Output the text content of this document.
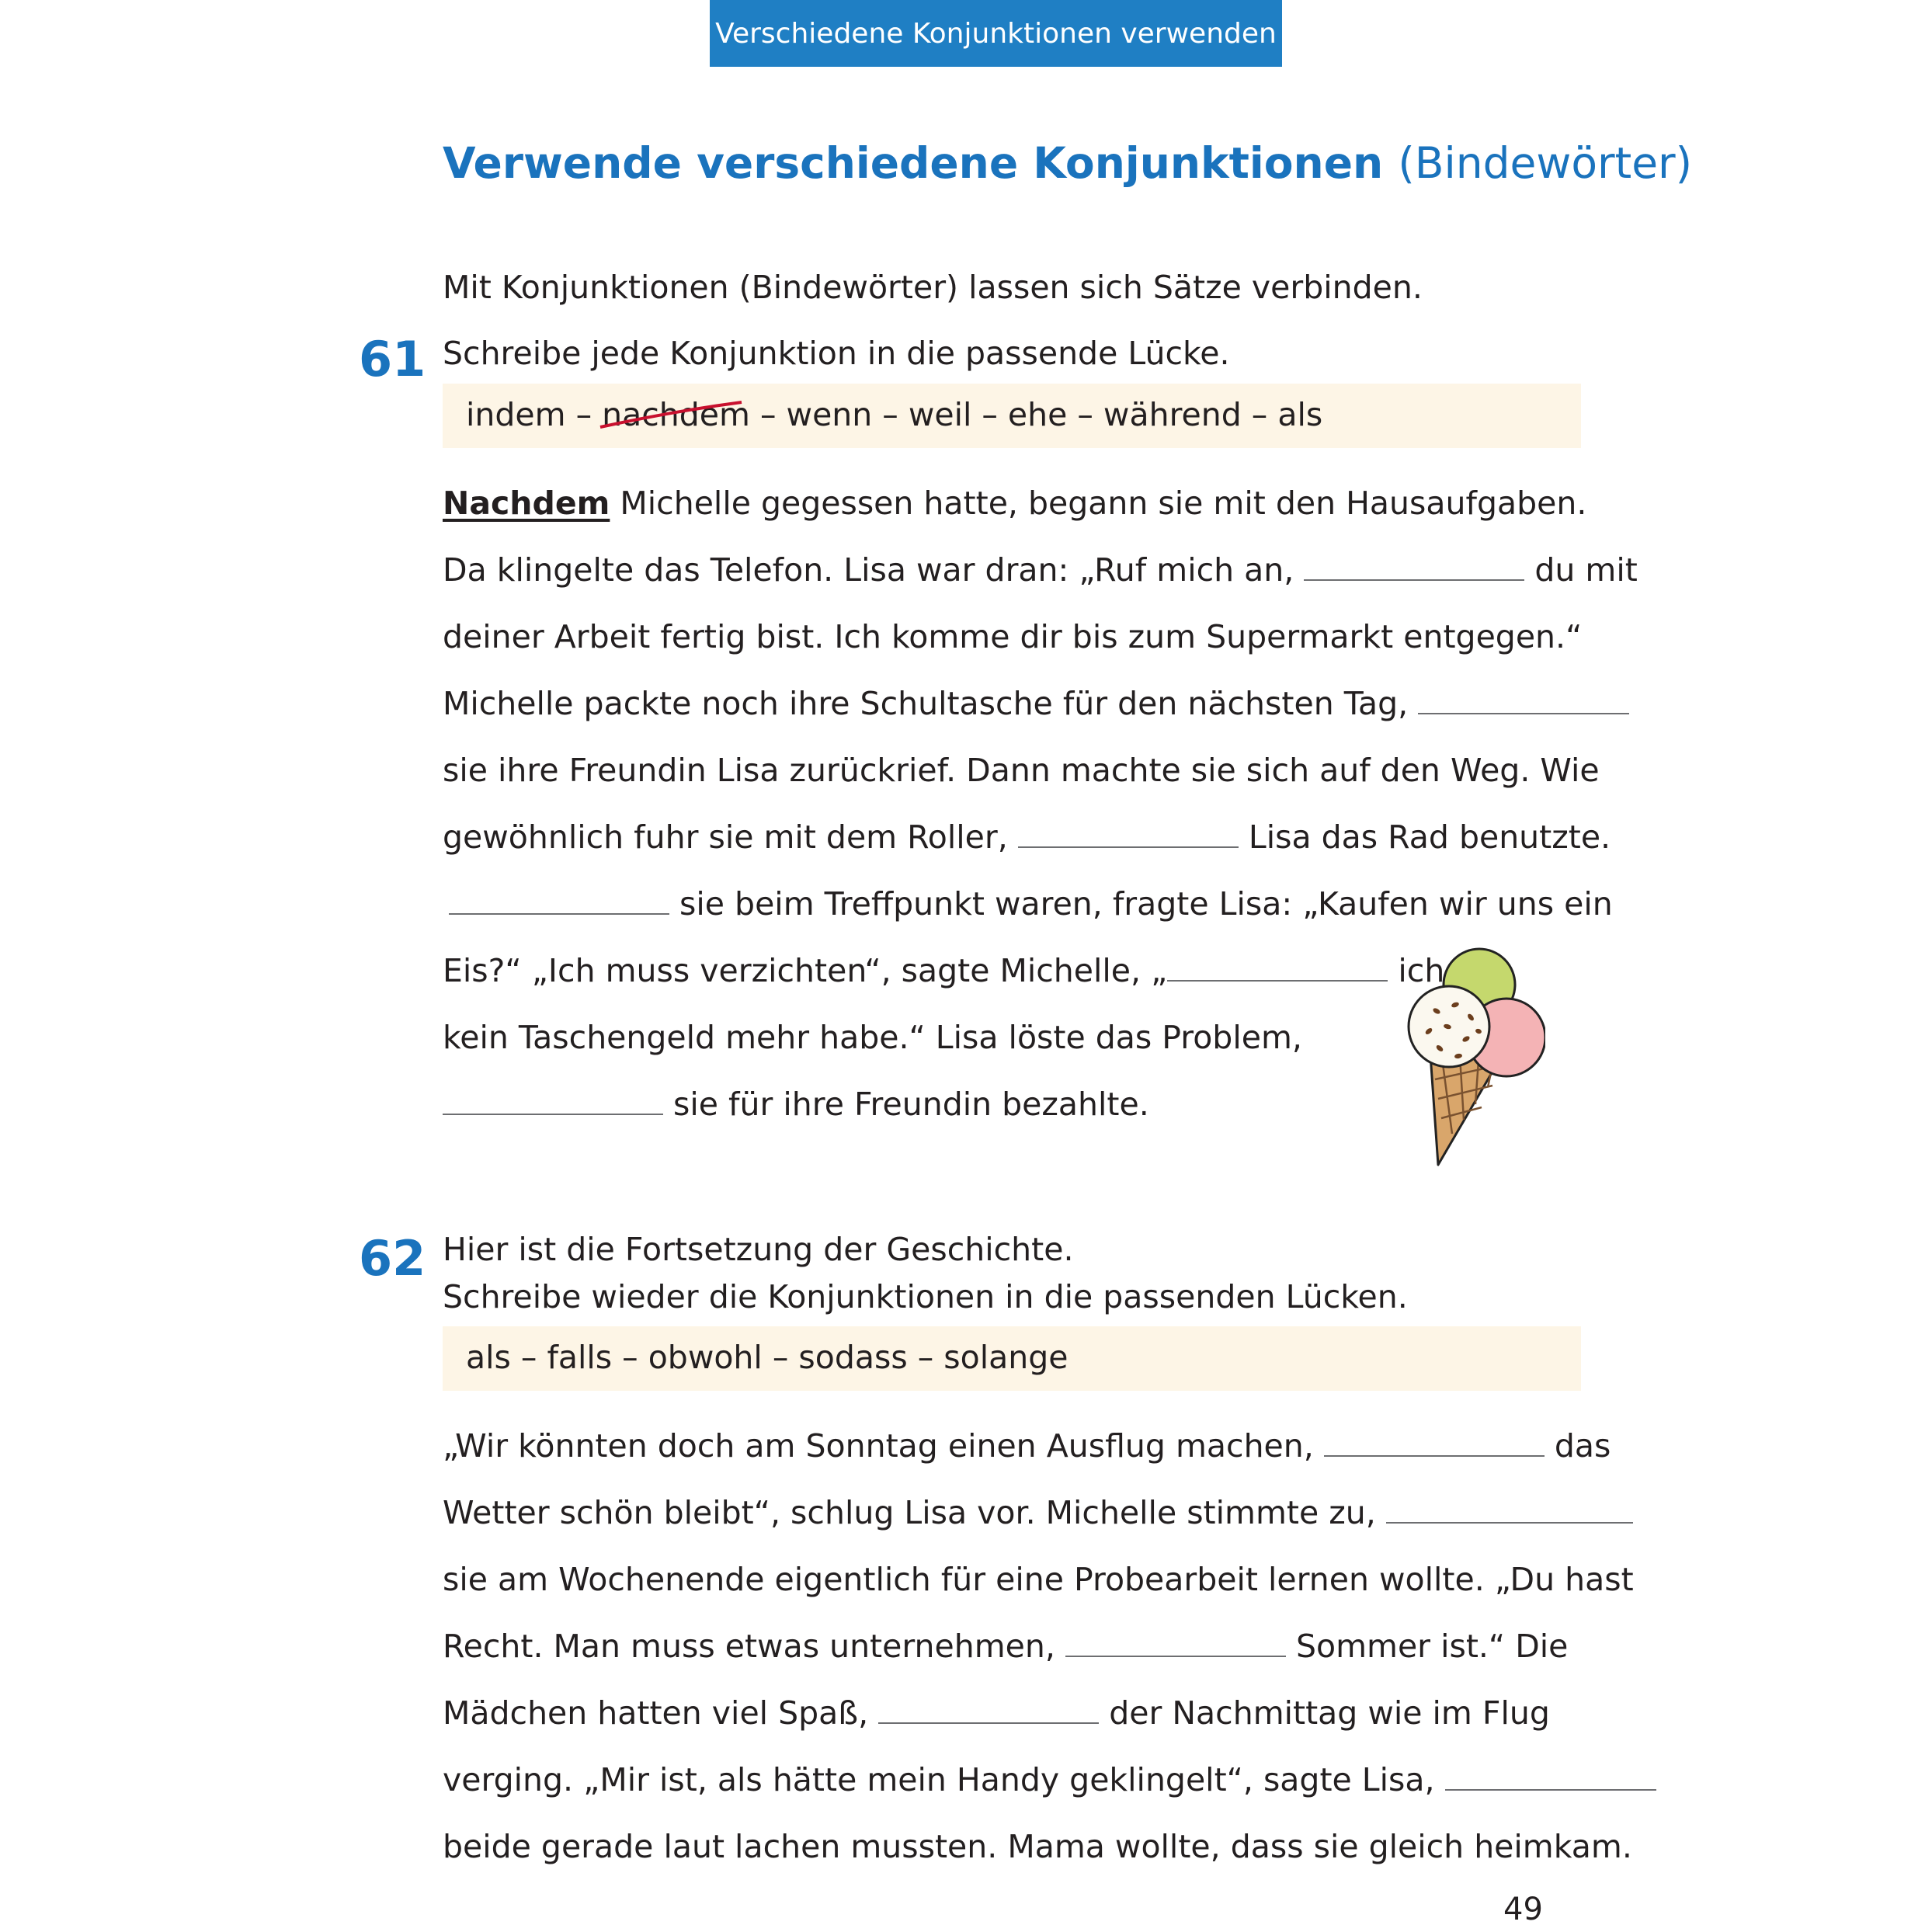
Verschiedene Konjunktionen verwenden
Verwende verschiedene Konjunktionen (Bindewörter)
Mit Konjunktionen (Bindewörter) lassen sich Sätze verbinden.
61 Schreibe jede Konjunktion in die passende Lücke.
indem – nachdem
– wenn – weil – ehe – während – als
Nachdem Michelle gegessen hatte, begann sie mit den Hausaufgaben.
Da klingelte das Telefon. Lisa war dran: „Ruf mich an,	du mit
deiner Arbeit fertig bist. Ich komme dir bis zum Supermarkt entgegen.“
Michelle packte noch ihre Schultasche für den nächsten Tag,
sie ihre Freundin Lisa zurückrief. Dann machte sie sich auf den Weg. Wie
gewöhnlich fuhr sie mit dem Roller,	Lisa das Rad benutzte.
sie beim Treffpunkt waren, fragte Lisa: „Kaufen wir uns ein
Eis?“ „Ich muss verzichten“, sagte Michelle, „	ich
kein Taschengeld mehr habe.“ Lisa löste das Problem,
sie für ihre Freundin bezahlte.
62 Hier ist die Fortsetzung der Geschichte.
Schreibe wieder die Konjunktionen in die passenden Lücken.
als – falls – obwohl – sodass – solange
„Wir könnten doch am Sonntag einen Ausflug machen,	das
Wetter schön bleibt“, schlug Lisa vor. Michelle stimmte zu,
sie am Wochenende eigentlich für eine Probearbeit lernen wollte. „Du hast
Recht. Man muss etwas unternehmen,	Sommer ist.“ Die
Mädchen hatten viel Spaß,	der Nachmittag wie im Flug
verging. „Mir ist, als hätte mein Handy geklingelt“, sagte Lisa,
beide gerade laut lachen mussten. Mama wollte, dass sie gleich heimkam.
49
